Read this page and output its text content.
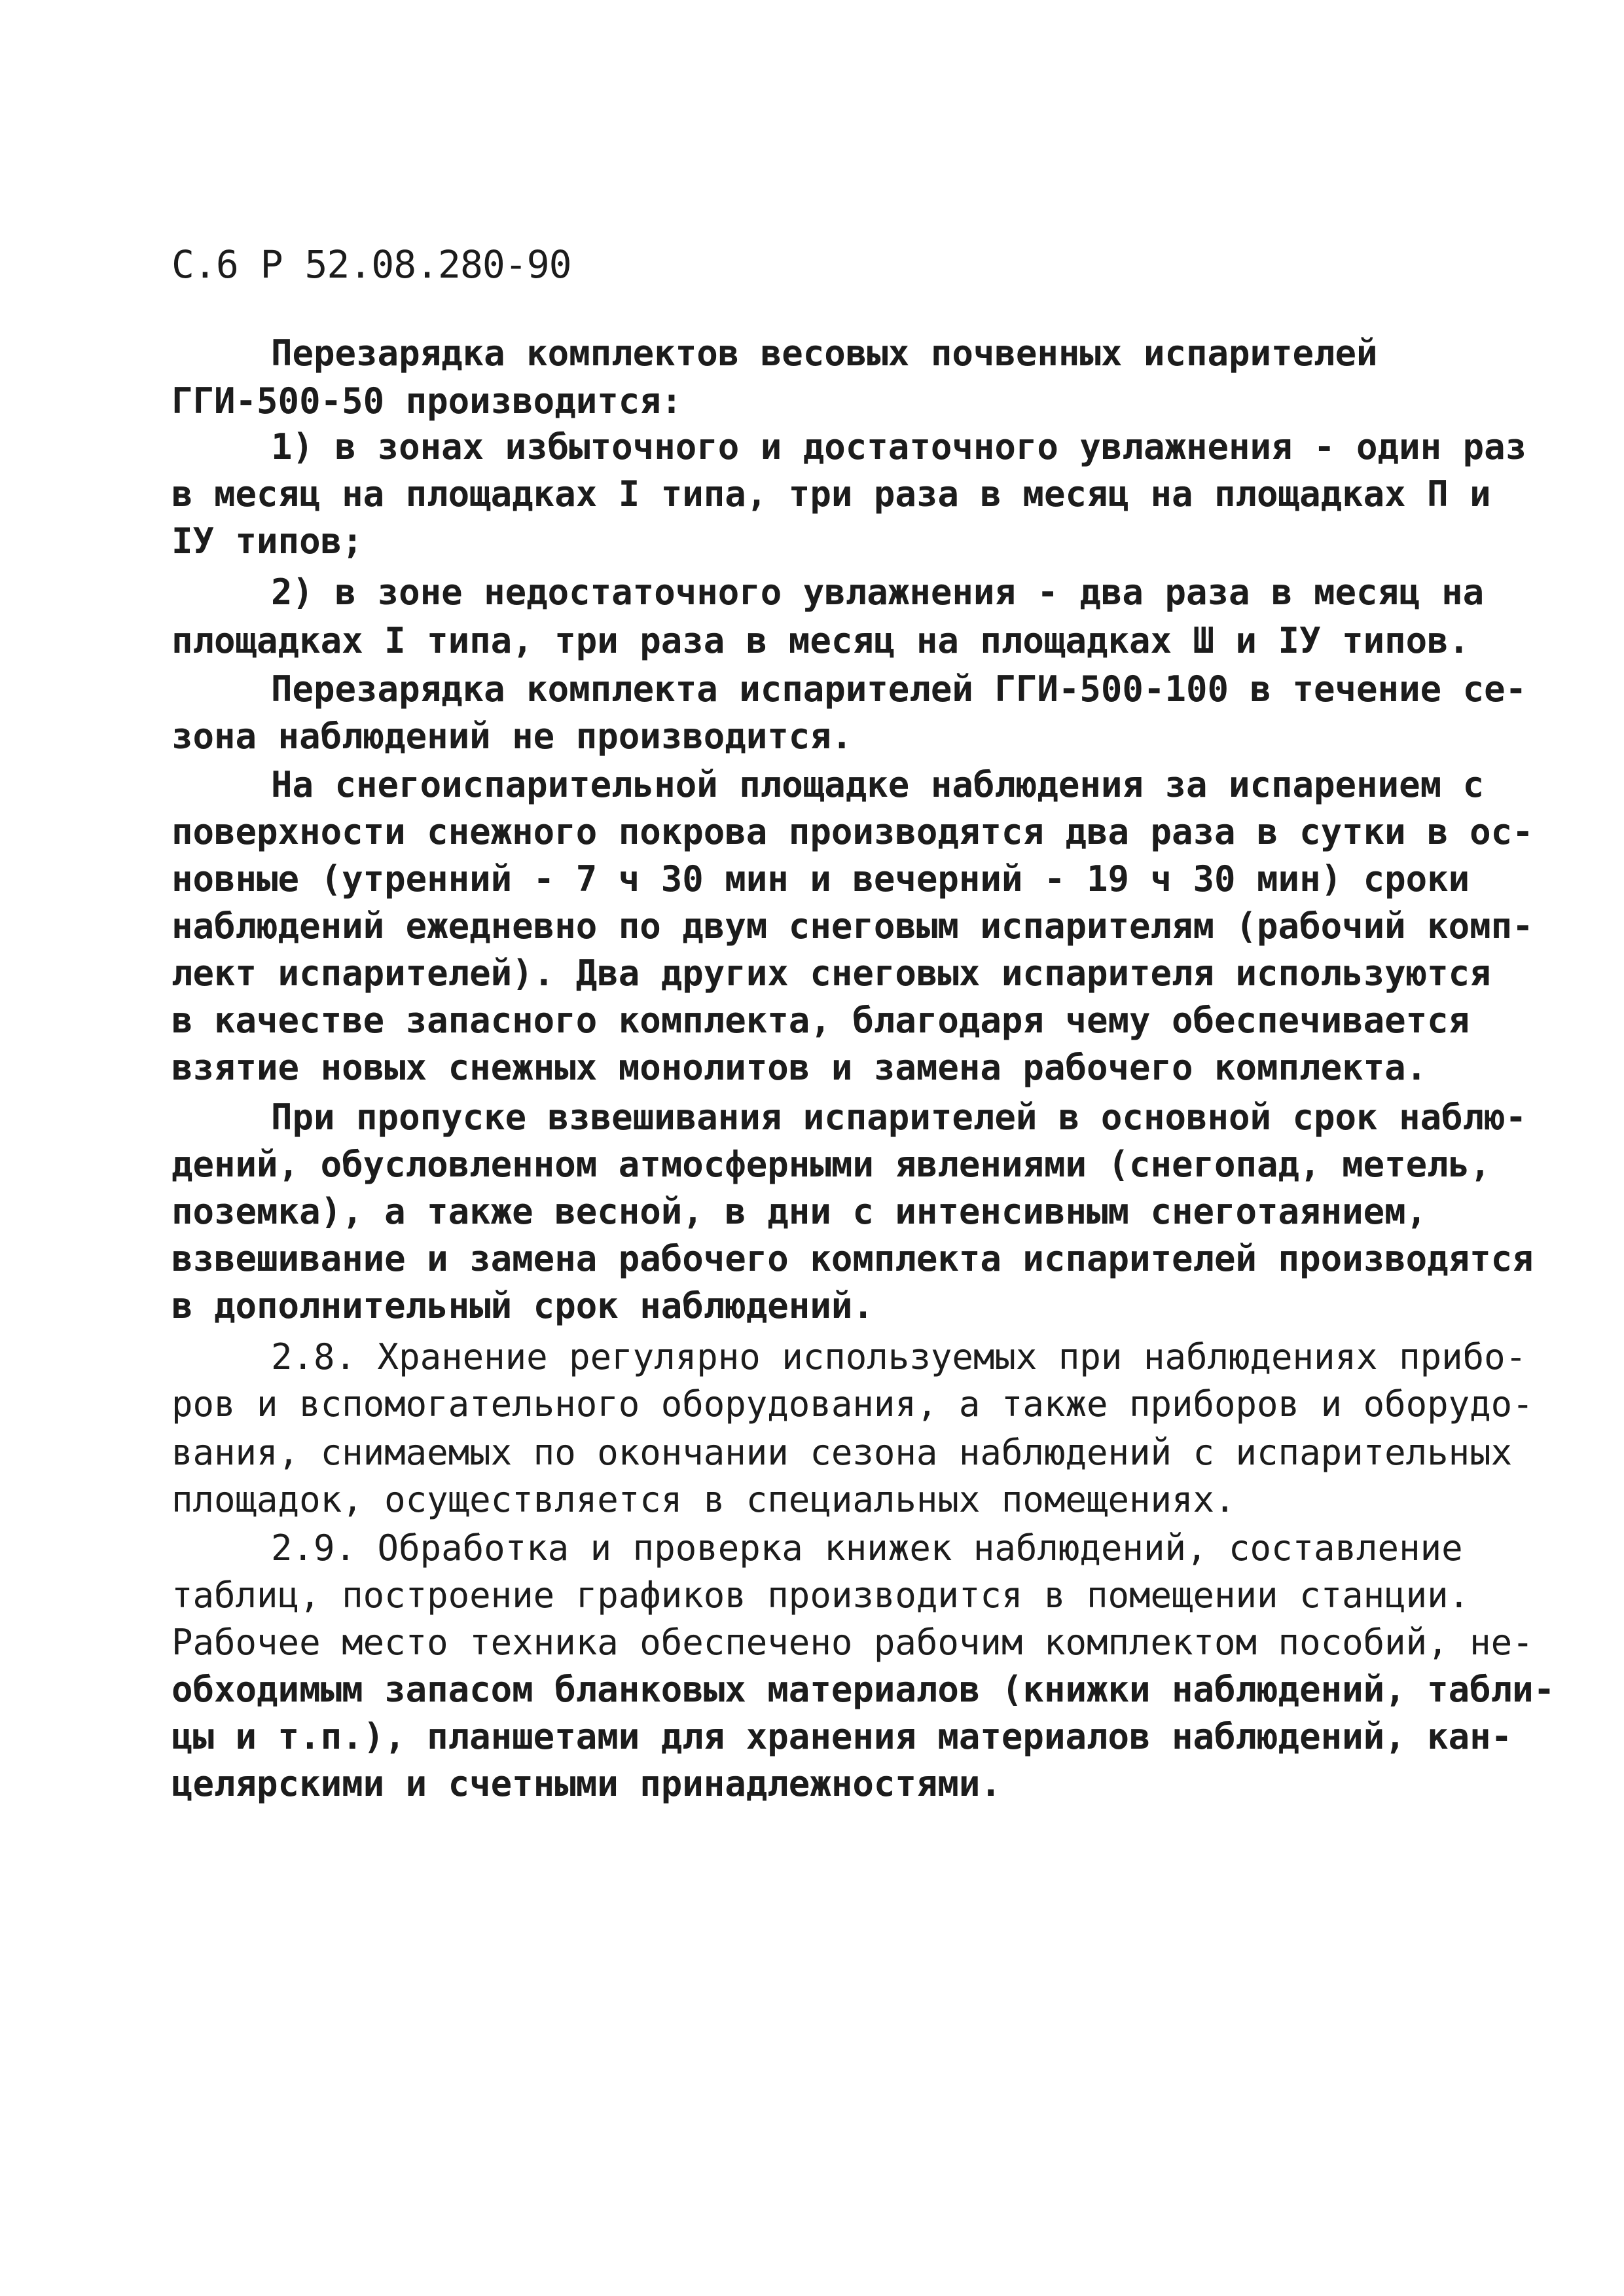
С.6 Р 52.08.280-90
Перезарядка комплектов весовых почвенных испарителей
ГГИ-500-50 производится:
1) в зонах избыточного и достаточного увлажнения - один раз
в месяц на площадках I типа, три раза в месяц на площадках П и
IУ типов;
2) в зоне недостаточного увлажнения - два раза в месяц на
площадках I типа, три раза в месяц на площадках Ш и IУ типов.
Перезарядка комплекта испарителей ГГИ-500-100 в течение се-
зона наблюдений не производится.
На снегоиспарительной площадке наблюдения за испарением с
поверхности снежного покрова производятся два раза в сутки в ос-
новные (утренний - 7 ч 30 мин и вечерний - 19 ч 30 мин) сроки
наблюдений ежедневно по двум снеговым испарителям (рабочий комп-
лект испарителей). Два других снеговых испарителя используются
в качестве запасного комплекта, благодаря чему обеспечивается
взятие новых снежных монолитов и замена рабочего комплекта.
При пропуске взвешивания испарителей в основной срок наблю-
дений, обусловленном атмосферными явлениями (снегопад, метель,
поземка), а также весной, в дни с интенсивным снеготаянием,
взвешивание и замена рабочего комплекта испарителей производятся
в дополнительный срок наблюдений.
2.8. Хранение регулярно используемых при наблюдениях прибо-
ров и вспомогательного оборудования, а также приборов и оборудо-
вания, снимаемых по окончании сезона наблюдений с испарительных
площадок, осуществляется в специальных помещениях.
2.9. Обработка и проверка книжек наблюдений, составление
таблиц, построение графиков производится в помещении станции.
Рабочее место техника обеспечено рабочим комплектом пособий, не-
обходимым запасом бланковых материалов (книжки наблюдений, табли-
цы и т.п.), планшетами для хранения материалов наблюдений, кан-
целярскими и счетными принадлежностями.
